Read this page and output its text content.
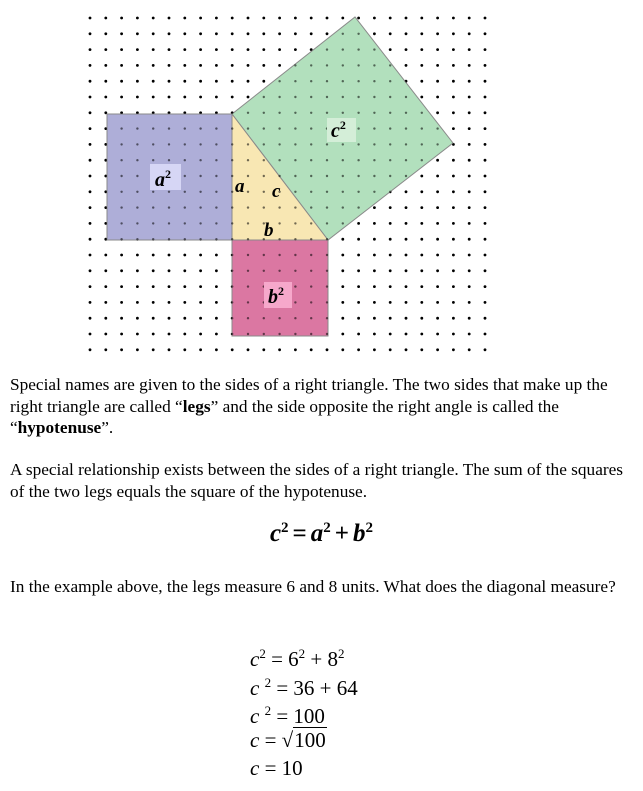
$a^2$
$b^2$
$c^2$
a c
b

Special names are given to the sides of a right triangle. The two sides that make up the right triangle are called “legs” and the side opposite the right angle is called the “hypotenuse”.

A special relationship exists between the sides of a right triangle. The sum of the squares of the two legs equals the square of the hypotenuse.

$c^2 = a^2 + b^2$

In the example above, the legs measure 6 and 8 units. What does the diagonal measure?

$c^2 = 6^2 + 8^2$
c $^2$ = 36 + 64
c $^2$ = 100
c = √100
c = 10
